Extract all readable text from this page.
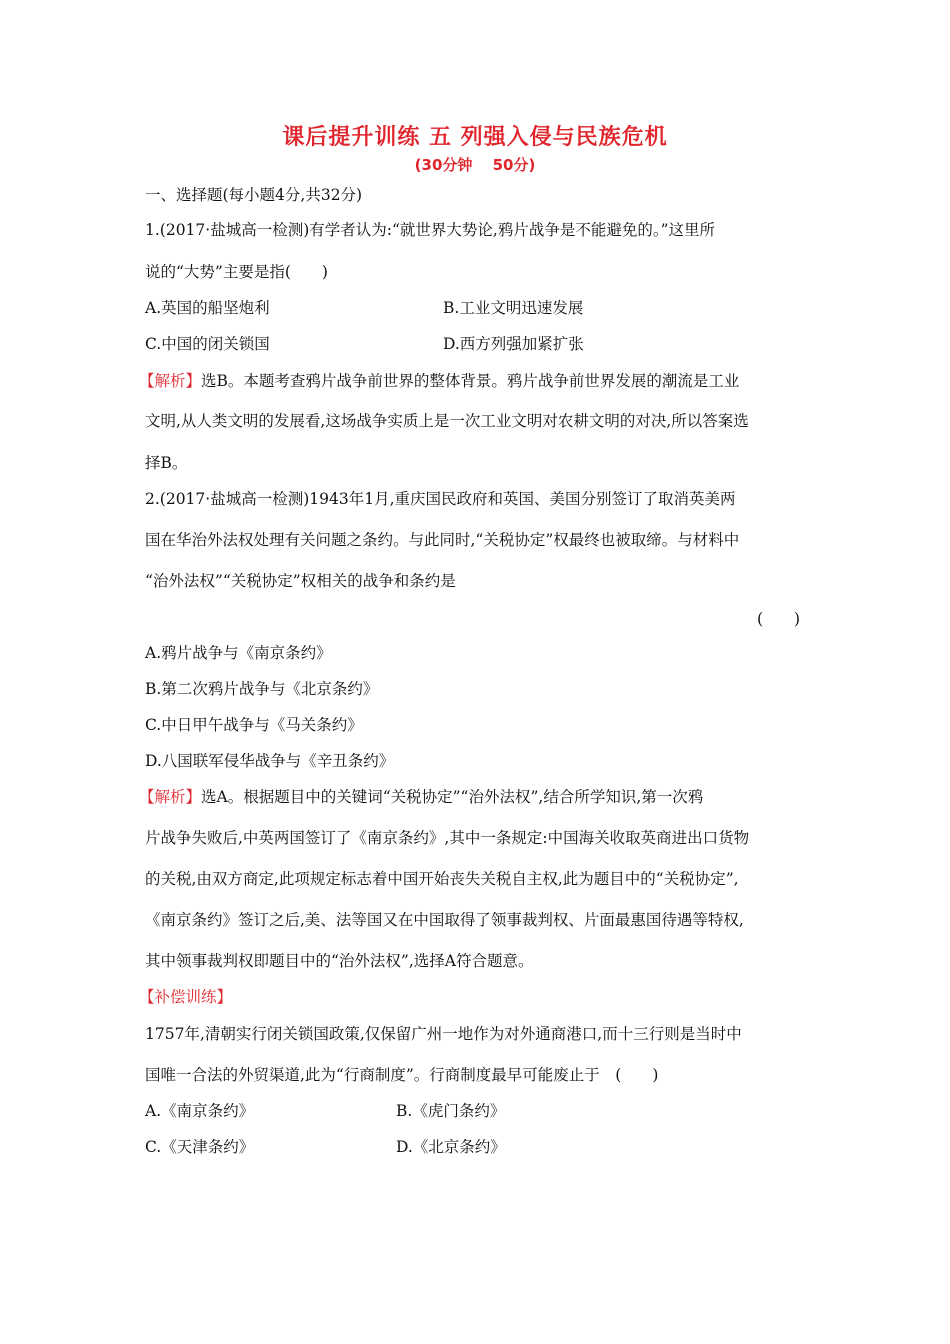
课后提升训练 五 列强入侵与民族危机
(30分钟　 50分)
一、选择题(每小题4分,共32分)
1.(2017·盐城高一检测)有学者认为:“就世界大势论,鸦片战争是不能避免的。”这里所
说的“大势”主要是指(　　)
A.英国的船坚炮利	B.工业文明迅速发展
C.中国的闭关锁国	D.西方列强加紧扩张
【解析】选B。本题考查鸦片战争前世界的整体背景。鸦片战争前世界发展的潮流是工业
文明,从人类文明的发展看,这场战争实质上是一次工业文明对农耕文明的对决,所以答案选
择B。
2.(2017·盐城高一检测)1943年1月,重庆国民政府和英国、美国分别签订了取消英美两
国在华治外法权处理有关问题之条约。与此同时,“关税协定”权最终也被取缔。与材料中
“治外法权”“关税协定”权相关的战争和条约是
(　　)
A.鸦片战争与《南京条约》
B.第二次鸦片战争与《北京条约》
C.中日甲午战争与《马关条约》
D.八国联军侵华战争与《辛丑条约》
【解析】选A。根据题目中的关键词“关税协定”“治外法权”,结合所学知识,第一次鸦
片战争失败后,中英两国签订了《南京条约》,其中一条规定:中国海关收取英商进出口货物
的关税,由双方商定,此项规定标志着中国开始丧失关税自主权,此为题目中的“关税协定”,
《南京条约》签订之后,美、法等国又在中国取得了领事裁判权、片面最惠国待遇等特权,
其中领事裁判权即题目中的“治外法权”,选择A符合题意。
【补偿训练】
1757年,清朝实行闭关锁国政策,仅保留广州一地作为对外通商港口,而十三行则是当时中
国唯一合法的外贸渠道,此为“行商制度”。行商制度最早可能废止于　(　　)
A.《南京条约》	B.《虎门条约》
C.《天津条约》	D.《北京条约》
